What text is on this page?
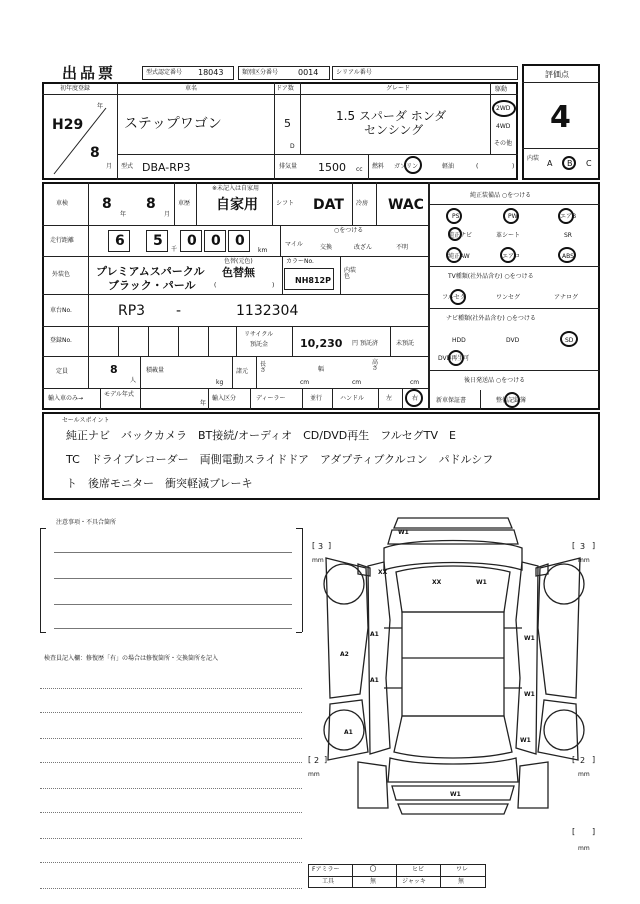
出品票	型式認定番号 18043	類別区分番号 0014	シリアル番号	評価点
4
内装
A B C
初年度登録
H29
年
8
月
車名
ステップワゴン
ドア数
5
D
グレード
1.5 スパーダ ホンダ
センシング
駆動
2WD
4WD
その他
型式 DBA-RP3	排気量 1500 cc 燃料 ガソリン	軽油	(	)
車検 8
年
8
月
車歴
※未記入は自家用
自家用	シフト DAT 冷房 WAC
走行距離	6 5
千
0 0 0
km
○をつける
マイル	交換	改ざん	不明
外装色 プレミアムスパークル
ブラック・パール
色替(元色)
色替無
(	)
カラーNo.
NH812P
内装色
車台No.	RP3 -	1132304
登録No.
リサイクル
預託金	10,230 円 預託済	未預託
定員	8
人
積載量
kg
諸元
長さ
cm
幅
cm
高さ
cm
輸入車のみ→
モデル年式
年
輸入区分	ディーラー	並行	ハンドル	左	右
純正装備品 ○をつける
PS	PW	エアB
純正ナビ	革シート	SR
純正AW	エアロ	ABS
TV種類(社外品含む) ○をつける
フルセグ	ワンセグ	アナログ
ナビ種類(社外品含む) ○をつける
HDD	DVD	SD
DVD再生可
後日発送品 ○をつける
新車保証書	整備記録簿
セールスポイント
純正ナビ　バックカメラ　BT接続/オーディオ　CD/DVD再生　フルセグTV　E
TC　ドライブレコーダー　両側電動スライドドア　アダプティブクルコン　パドルシフ
ト　後席モニター　衝突軽減ブレーキ
注意事項・不具合箇所
検査員記入欄：修復歴「有」の場合は修復箇所・交換箇所を記入
W1
XX
XX	W1
A1
W1
A2
A1
W1
A1
W1
W1
[ 3 ]
mm
[ 3 ]
mm
[ 2 ]
mm
[ 2 ]
mm
[ ]
mm
Fアミラー	〇	ヒビ	ワレ
工具	無	ジャッキ	無
